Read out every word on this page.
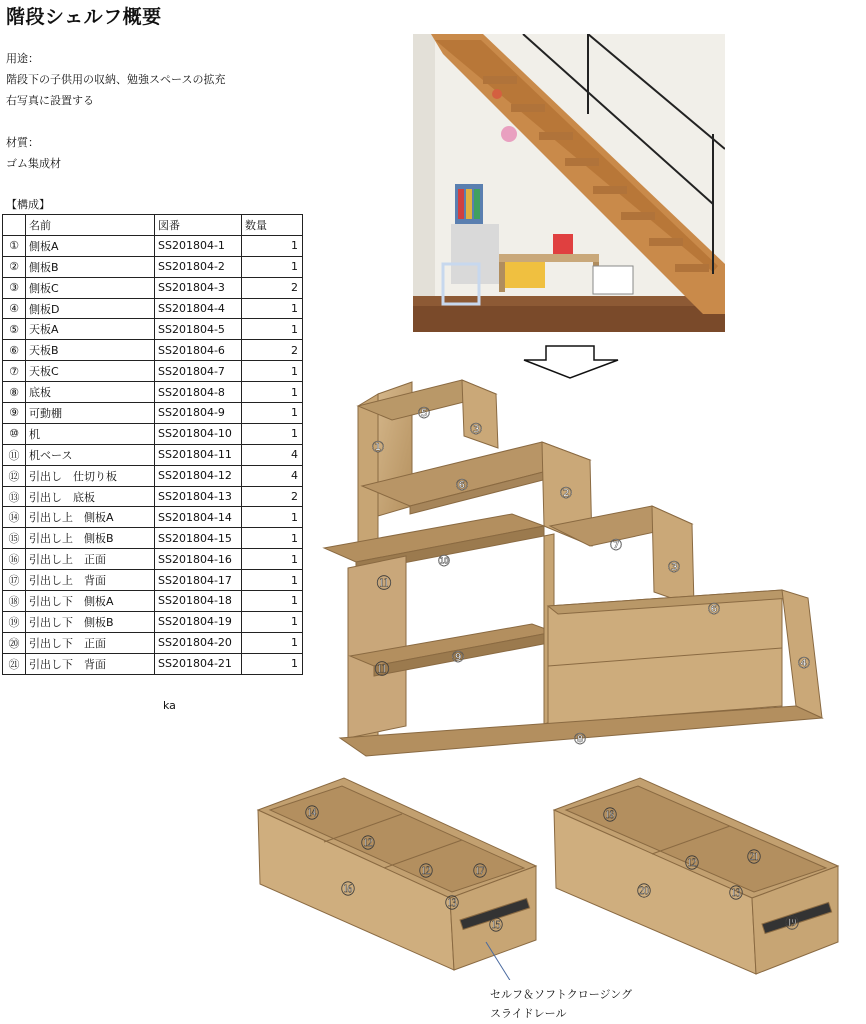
階段シェルフ概要
用途：
階段下の子供用の収納、勉強スペースの拡充
右写真に設置する
材質：
ゴム集成材
【構成】
	名前	図番	数量
①	側板A	SS201804-1	1
②	側板B	SS201804-2	1
③	側板C	SS201804-3	2
④	側板D	SS201804-4	1
⑤	天板A	SS201804-5	1
⑥	天板B	SS201804-6	2
⑦	天板C	SS201804-7	1
⑧	底板	SS201804-8	1
⑨	可動棚	SS201804-9	1
⑩	机	SS201804-10	1
⑪	机ベース	SS201804-11	4
⑫	引出し　仕切り板	SS201804-12	4
⑬	引出し　底板	SS201804-13	2
⑭	引出し上　側板A	SS201804-14	1
⑮	引出し上　側板B	SS201804-15	1
⑯	引出し上　正面	SS201804-16	1
⑰	引出し上　背面	SS201804-17	1
⑱	引出し下　側板A	SS201804-18	1
⑲	引出し下　側板B	SS201804-19	1
⑳	引出し下　正面	SS201804-20	1
㉑	引出し下　背面	SS201804-21	1
ka
①
⑤
③
⑥	②
⑩
⑦
③
⑥
⑪
⑨
⑪	④
⑧
⑭
⑫
⑫	⑰
⑯
⑬
⑮
⑱
⑫	㉑
⑳	⑬
⑲
セルフ＆ソフトクロージング
スライドレール
